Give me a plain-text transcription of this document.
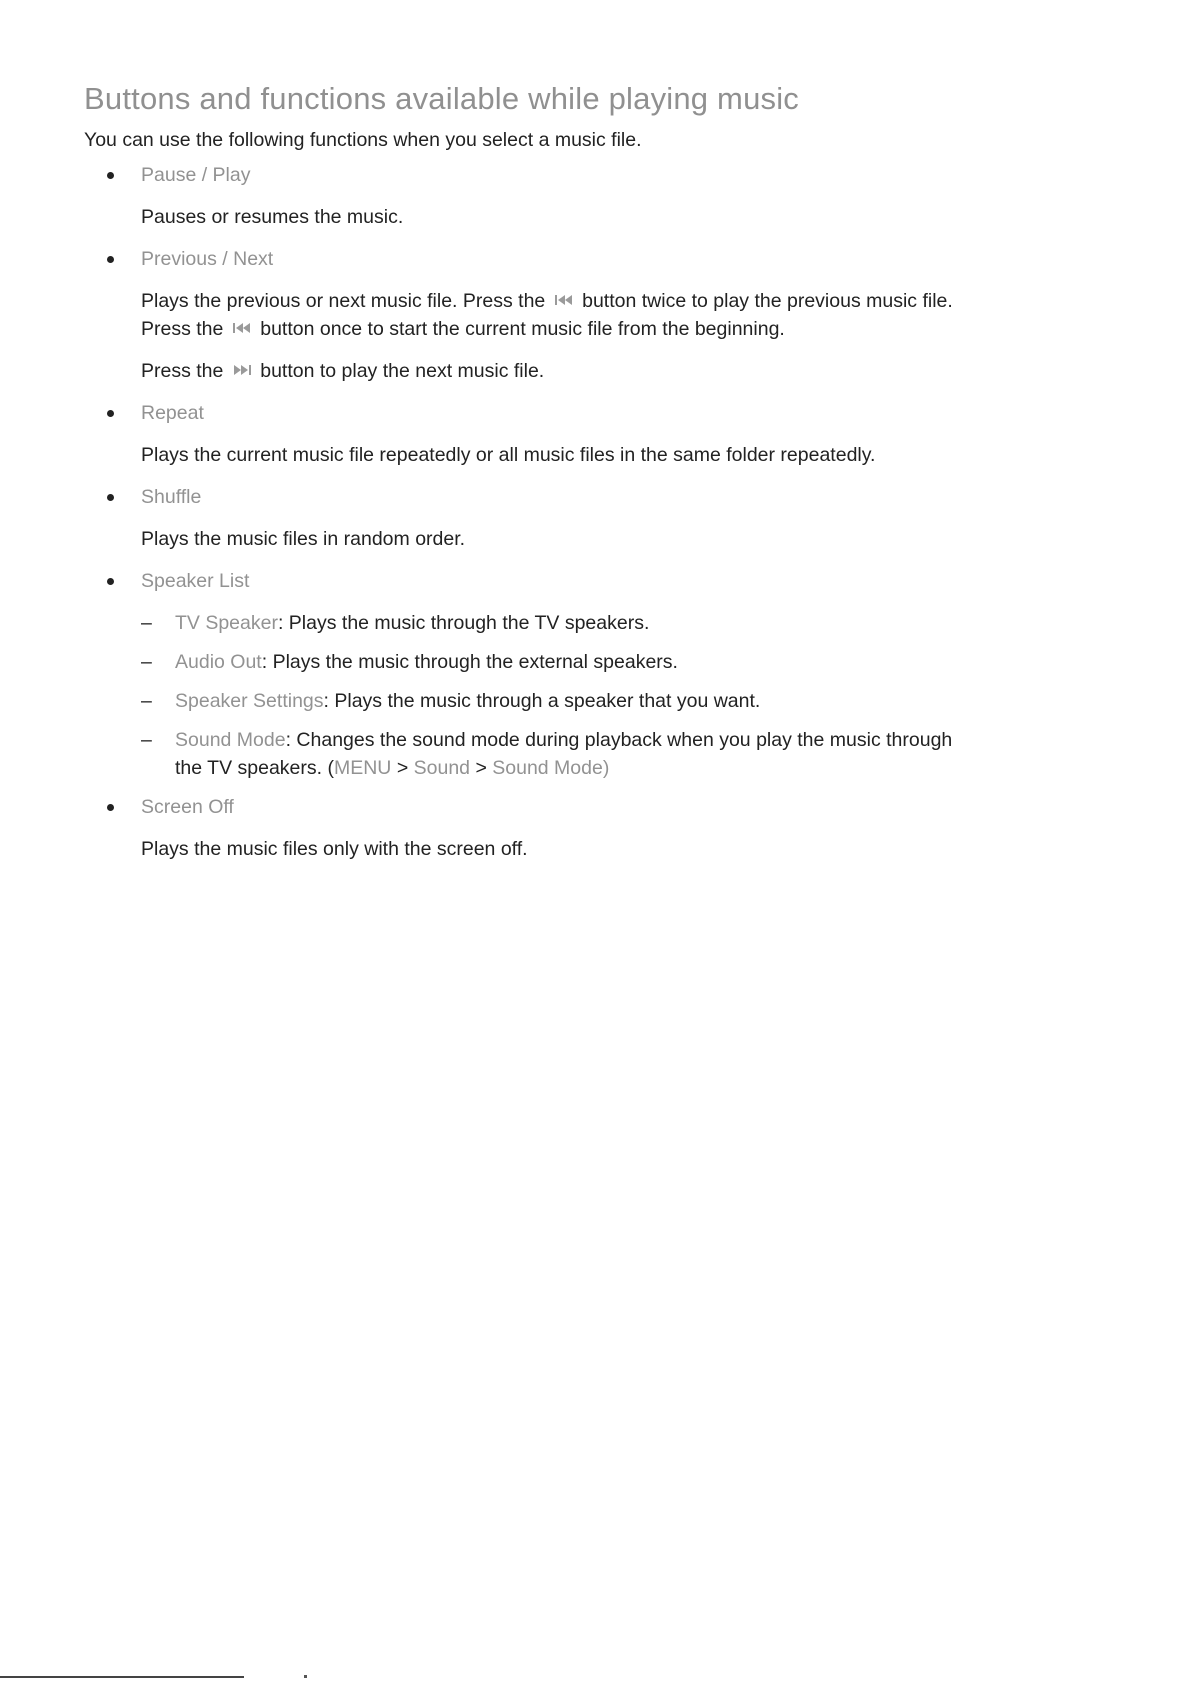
Buttons and functions available while playing music

You can use the following functions when you select a music file.

Pause / Play

Pauses or resumes the music.

Previous / Next

Plays the previous or next music file. Press the button twice to play the previous music file.
Press the button once to start the current music file from the beginning.

Press the button to play the next music file.

Repeat

Plays the current music file repeatedly or all music files in the same folder repeatedly.

Shuffle

Plays the music files in random order.

Speaker List

– TV Speaker: Plays the music through the TV speakers.
– Audio Out: Plays the music through the external speakers.
– Speaker Settings: Plays the music through a speaker that you want.
– Sound Mode: Changes the sound mode during playback when you play the music through
the TV speakers. (MENU > Sound > Sound Mode)

Screen Off

Plays the music files only with the screen off.
